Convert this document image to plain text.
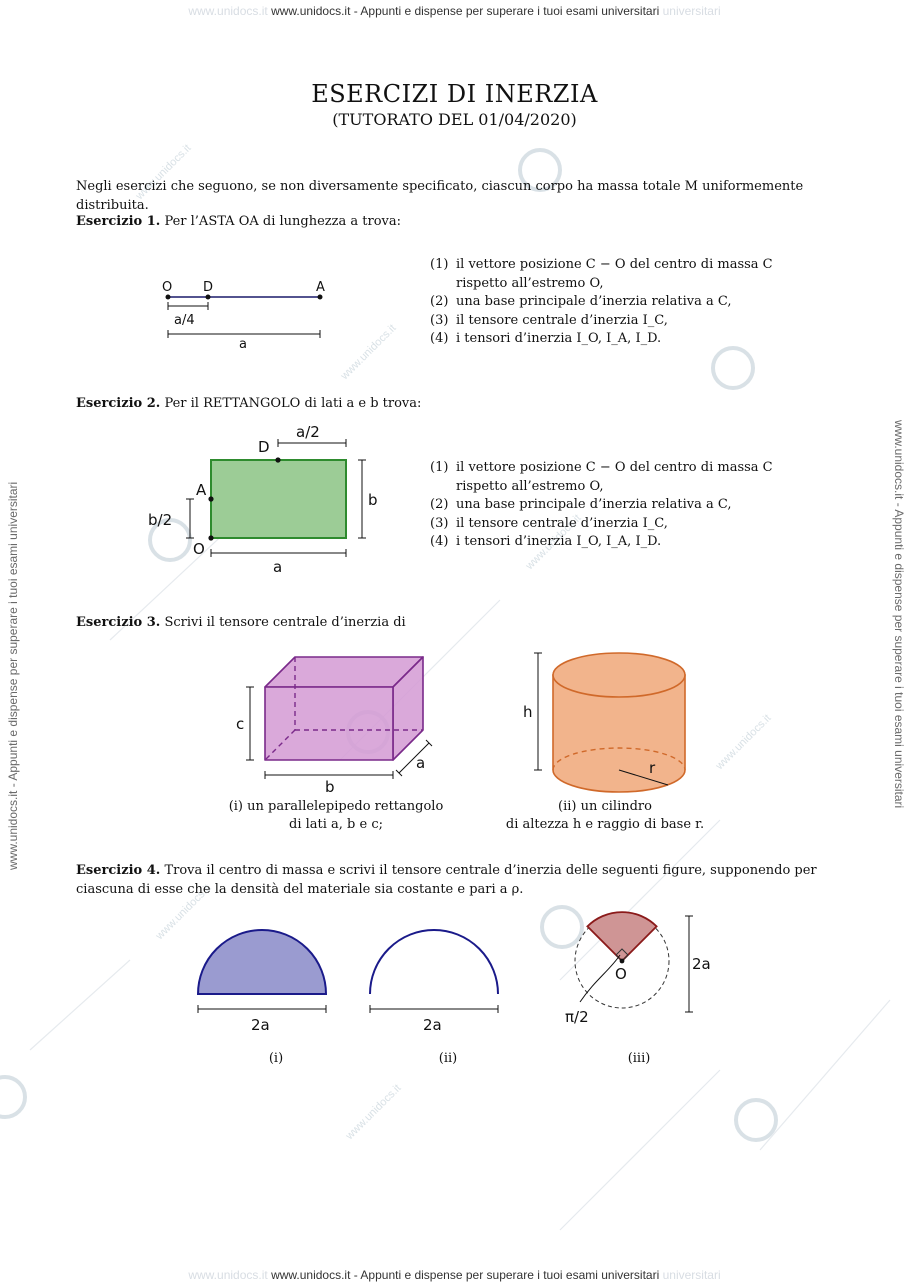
www.unidocs.it
www.unidocs.it
www.unidocs.it
www.unidocs.it
www.unidocs.it
www.unidocs.it
www.unidocs.it www.unidocs.it - Appunti e dispense per superare i tuoi esami universitari universitari
www.unidocs.it www.unidocs.it - Appunti e dispense per superare i tuoi esami universitari universitari
www.unidocs.it - Appunti e dispense per superare i tuoi esami universitari	www.unidocs.it - Appunti e dispense per superare i tuoi esami universitari
ESERCIZI DI INERZIA
(TUTORATO DEL 01/04/2020)
Negli esercizi che seguono, se non diversamente specificato, ciascun corpo ha massa totale M uniformemente distribuita.
Esercizio 1. Per l’ASTA OA di lunghezza a trova:
O D	A
a/4
a
(1) il vettore posizione C − O del centro di massa C rispetto all’estremo O,
(2) una base principale d’inerzia relativa a C,
(3) il tensore centrale d’inerzia I_C,
(4) i tensori d’inerzia I_O, I_A, I_D.
Esercizio 2. Per il RETTANGOLO di lati a e b trova:
D
A
O
a/2
b
b/2
a
(1) il vettore posizione C − O del centro di massa C rispetto all’estremo O,
(2) una base principale d’inerzia relativa a C,
(3) il tensore centrale d’inerzia I_C,
(4) i tensori d’inerzia I_O, I_A, I_D.
Esercizio 3. Scrivi il tensore centrale d’inerzia di
c
b
a	r
h
(i) un parallelepipedo rettangolo
di lati a, b e c;
(ii) un cilindro
di altezza h e raggio di base r.
Esercizio 4. Trova il centro di massa e scrivi il tensore centrale d’inerzia delle seguenti figure, supponendo per ciascuna di esse che la densità del materiale sia costante e pari a ρ.
2a	2a
O
π/2
2a
(i)	(ii)	(iii)
